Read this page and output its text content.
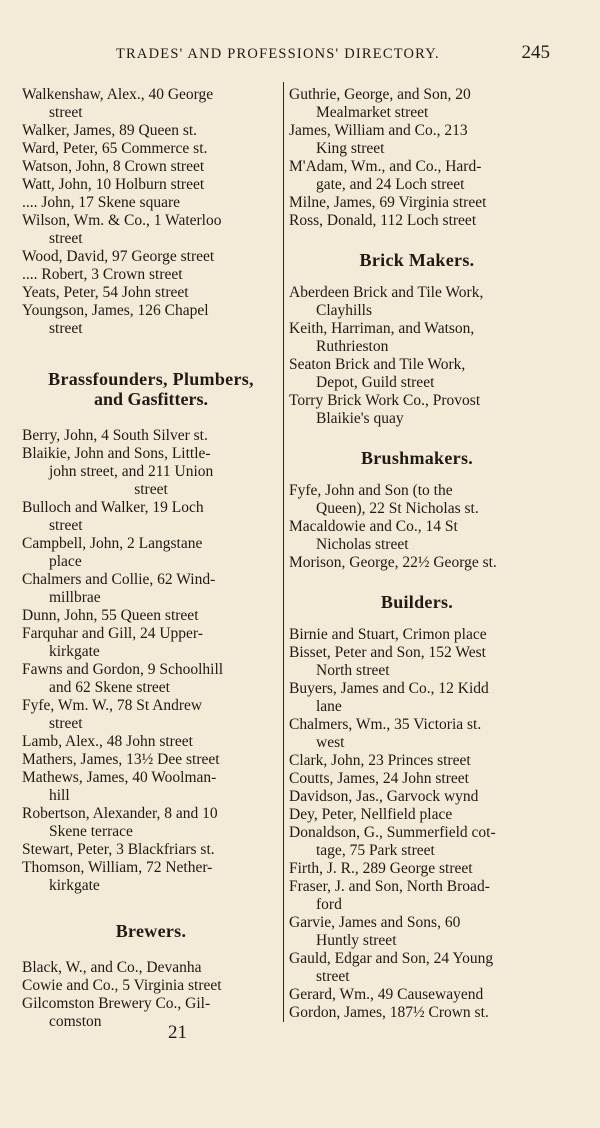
TRADES' AND PROFESSIONS' DIRECTORY.	245

Walkenshaw, Alex., 40 George
street

Walker, James, 89 Queen st.

Ward, Peter, 65 Commerce st.

Watson, John, 8 Crown street

Watt, John, 10 Holburn street

.... John, 17 Skene square

Wilson, Wm. & Co., 1 Waterloo
street

Wood, David, 97 George street

.... Robert, 3 Crown street

Yeats, Peter, 54 John street

Youngson, James, 126 Chapel
street

Brassfounders, Plumbers,

and Gasfitters.

Berry, John, 4 South Silver st.

Blaikie, John and Sons, Little-
john street, and 211 Union
street

Bulloch and Walker, 19 Loch
street

Campbell, John, 2 Langstane
place

Chalmers and Collie, 62 Wind-
millbrae

Dunn, John, 55 Queen street

Farquhar and Gill, 24 Upper-
kirkgate

Fawns and Gordon, 9 Schoolhill
and 62 Skene street

Fyfe, Wm. W., 78 St Andrew
street

Lamb, Alex., 48 John street

Mathers, James, 13½ Dee street

Mathews, James, 40 Woolman-
hill

Robertson, Alexander, 8 and 10
Skene terrace

Stewart, Peter, 3 Blackfriars st.

Thomson, William, 72 Nether-
kirkgate

Brewers.

Black, W., and Co., Devanha

Cowie and Co., 5 Virginia street

Gilcomston Brewery Co., Gil-
comston

Guthrie, George, and Son, 20
Mealmarket street

James, William and Co., 213
King street

M'Adam, Wm., and Co., Hard-
gate, and 24 Loch street

Milne, James, 69 Virginia street

Ross, Donald, 112 Loch street

Brick Makers.

Aberdeen Brick and Tile Work,
Clayhills

Keith, Harriman, and Watson,
Ruthrieston

Seaton Brick and Tile Work,
Depot, Guild street

Torry Brick Work Co., Provost
Blaikie's quay

Brushmakers.

Fyfe, John and Son (to the
Queen), 22 St Nicholas st.

Macaldowie and Co., 14 St
Nicholas street

Morison, George, 22½ George st.

Builders.

Birnie and Stuart, Crimon place

Bisset, Peter and Son, 152 West
North street

Buyers, James and Co., 12 Kidd
lane

Chalmers, Wm., 35 Victoria st.
west

Clark, John, 23 Princes street

Coutts, James, 24 John street

Davidson, Jas., Garvock wynd

Dey, Peter, Nellfield place

Donaldson, G., Summerfield cot-
tage, 75 Park street

Firth, J. R., 289 George street

Fraser, J. and Son, North Broad-
ford

Garvie, James and Sons, 60
Huntly street

Gauld, Edgar and Son, 24 Young
street

Gerard, Wm., 49 Causewayend

Gordon, James, 187½ Crown st.

21
